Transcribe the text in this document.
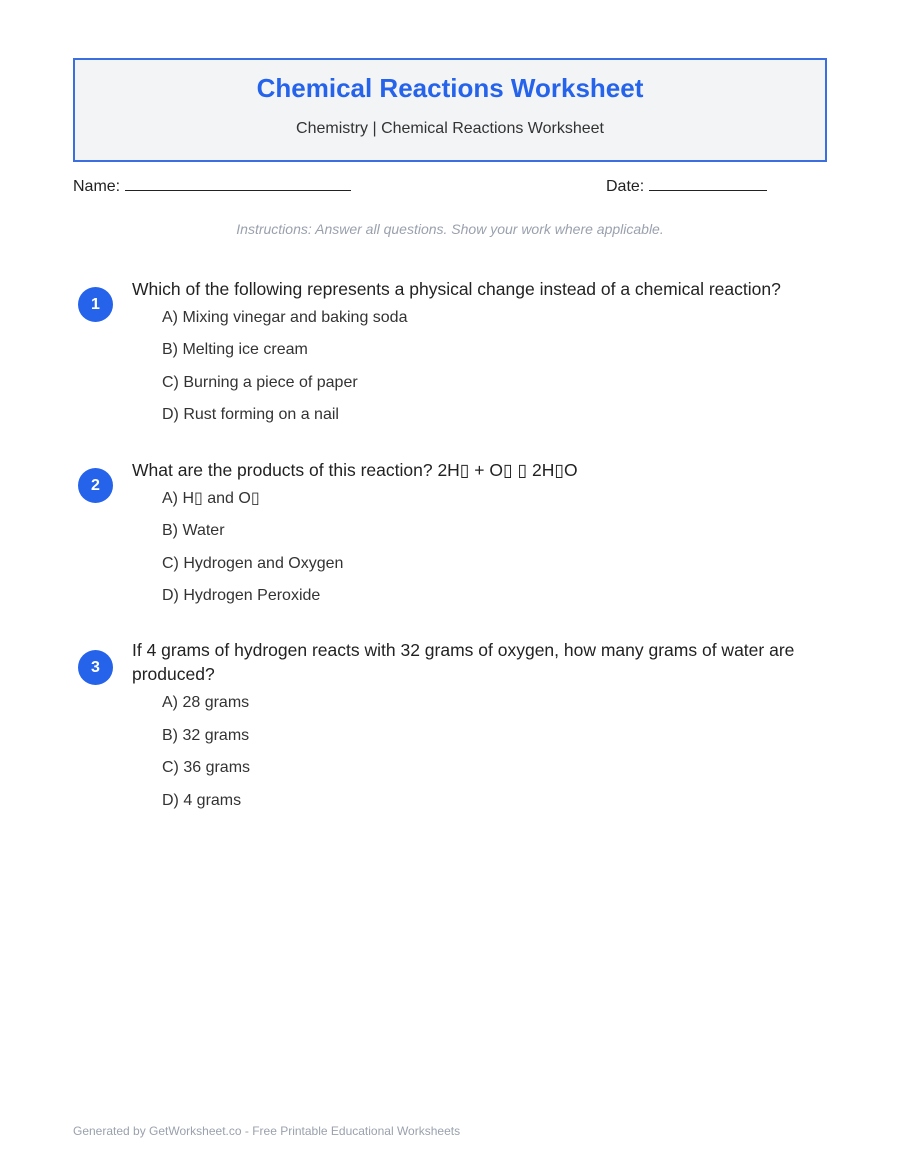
Chemical Reactions Worksheet
Chemistry | Chemical Reactions Worksheet
Name:	Date:
Instructions: Answer all questions. Show your work where applicable.
1
Which of the following represents a physical change instead of a chemical reaction?
A) Mixing vinegar and baking soda
B) Melting ice cream
C) Burning a piece of paper
D) Rust forming on a nail
2
What are the products of this reaction? 2H▯ + O▯ ▯ 2H▯O
A) H▯ and O▯
B) Water
C) Hydrogen and Oxygen
D) Hydrogen Peroxide
3
If 4 grams of hydrogen reacts with 32 grams of oxygen, how many grams of water are produced?
A) 28 grams
B) 32 grams
C) 36 grams
D) 4 grams
Generated by GetWorksheet.co - Free Printable Educational Worksheets
